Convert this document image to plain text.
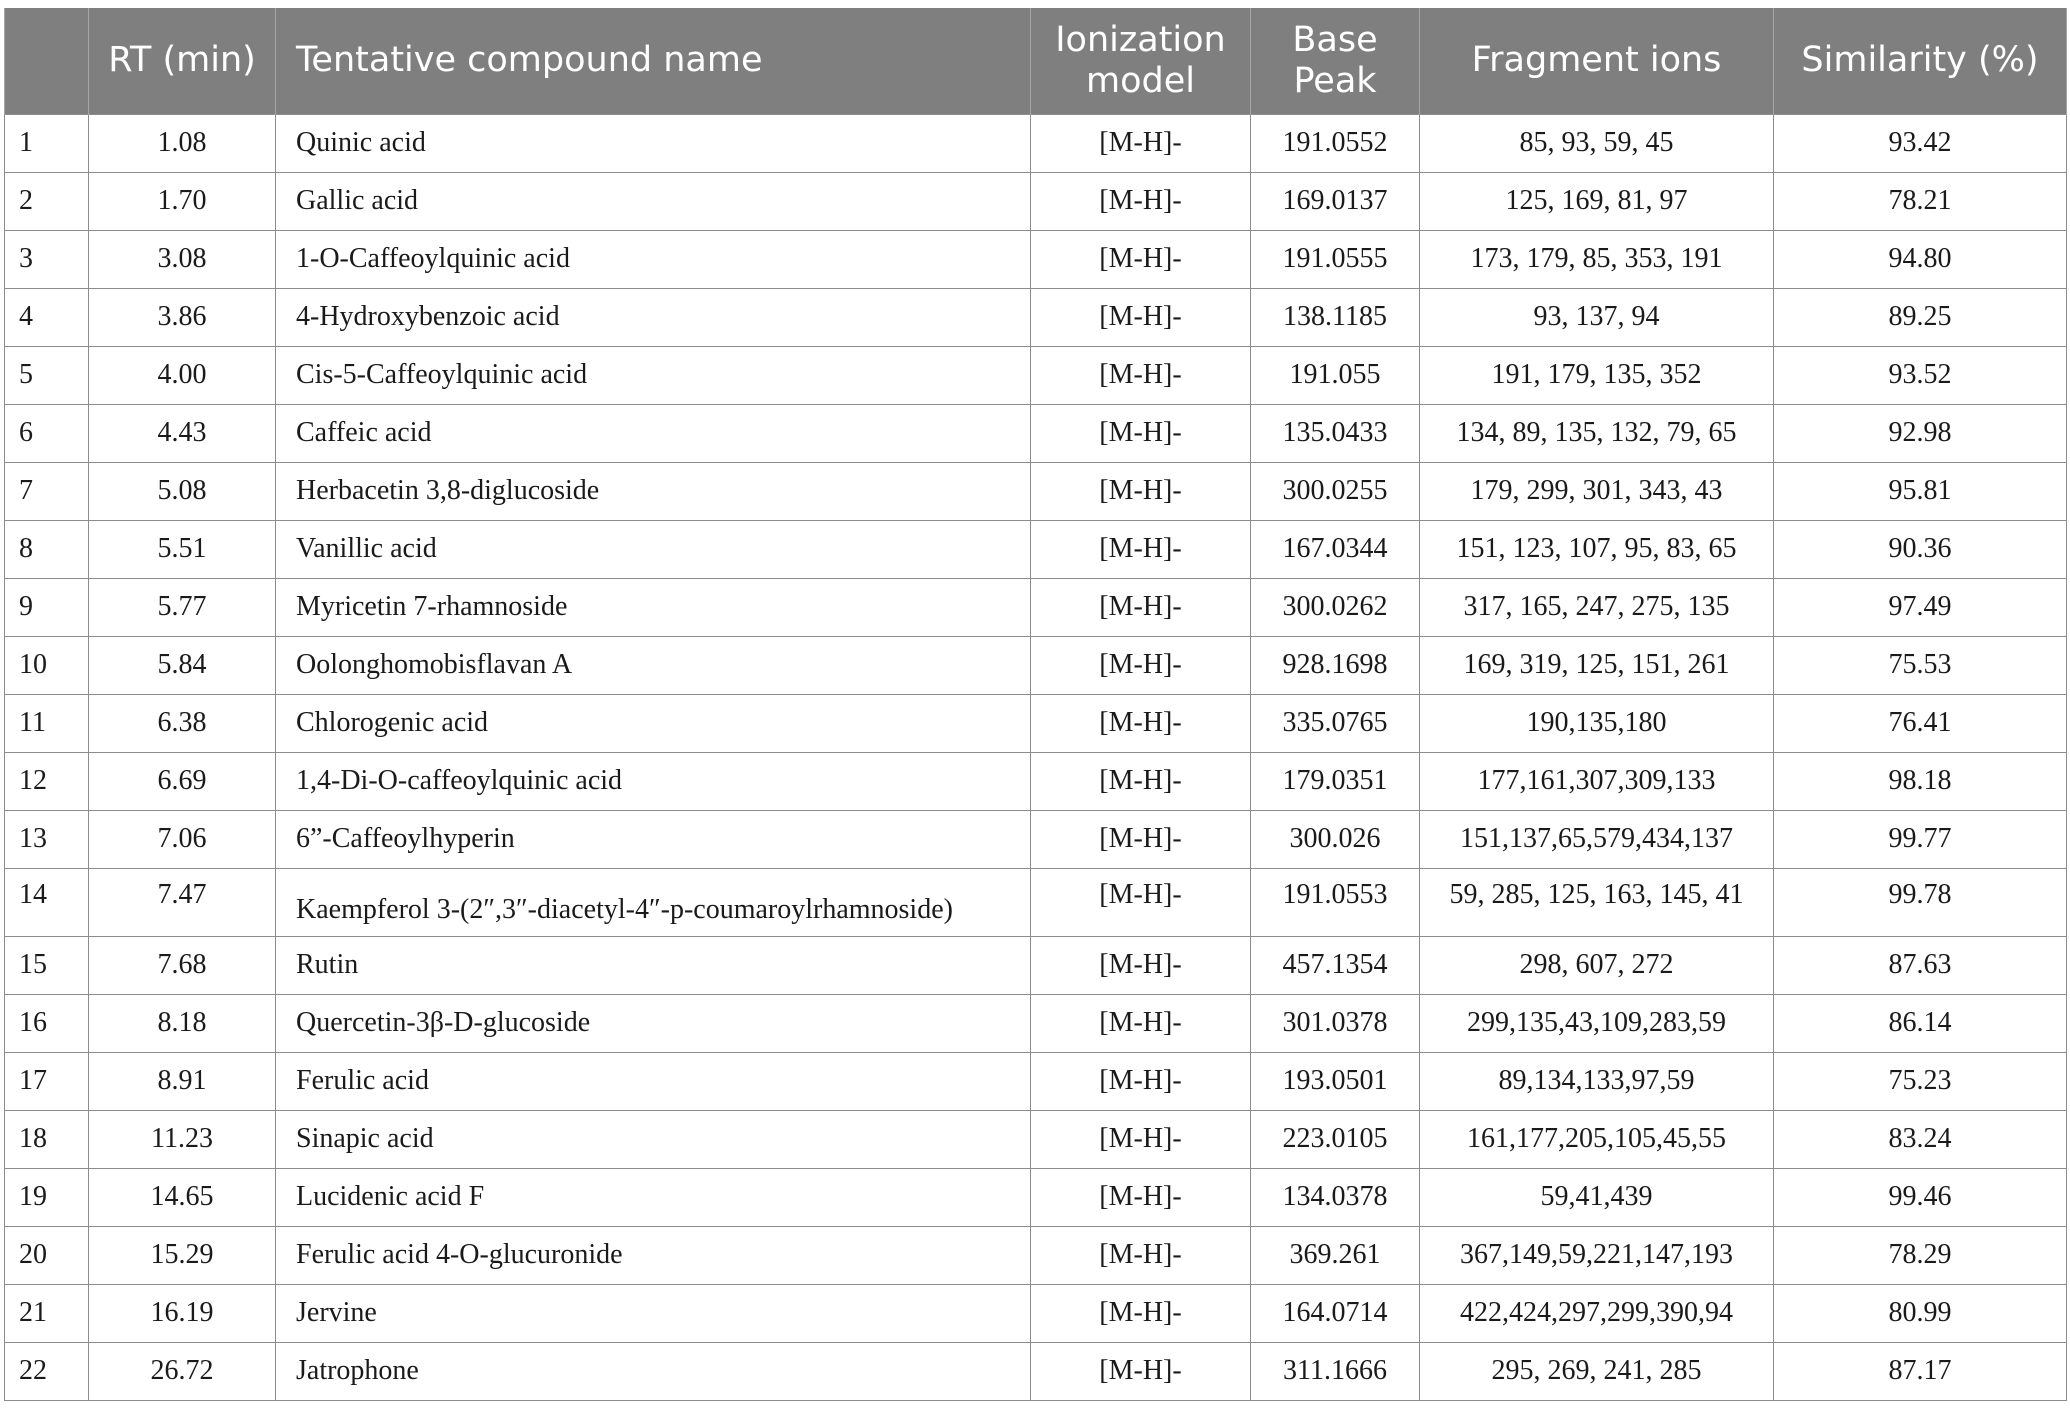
	RT (min)	Tentative compound name	Ionization model	Base Peak	Fragment ions	Similarity (%)
1	1.08	Quinic acid	[M-H]-	191.0552	85, 93, 59, 45	93.42
2	1.70	Gallic acid	[M-H]-	169.0137	125, 169, 81, 97	78.21
3	3.08	1-O-Caffeoylquinic acid	[M-H]-	191.0555	173, 179, 85, 353, 191	94.80
4	3.86	4-Hydroxybenzoic acid	[M-H]-	138.1185	93, 137, 94	89.25
5	4.00	Cis-5-Caffeoylquinic acid	[M-H]-	191.055	191, 179, 135, 352	93.52
6	4.43	Caffeic acid	[M-H]-	135.0433	134, 89, 135, 132, 79, 65	92.98
7	5.08	Herbacetin 3,8-diglucoside	[M-H]-	300.0255	179, 299, 301, 343, 43	95.81
8	5.51	Vanillic acid	[M-H]-	167.0344	151, 123, 107, 95, 83, 65	90.36
9	5.77	Myricetin 7-rhamnoside	[M-H]-	300.0262	317, 165, 247, 275, 135	97.49
10	5.84	Oolonghomobisflavan A	[M-H]-	928.1698	169, 319, 125, 151, 261	75.53
11	6.38	Chlorogenic acid	[M-H]-	335.0765	190,135,180	76.41
12	6.69	1,4-Di-O-caffeoylquinic acid	[M-H]-	179.0351	177,161,307,309,133	98.18
13	7.06	6”-Caffeoylhyperin	[M-H]-	300.026	151,137,65,579,434,137	99.77
14	7.47	Kaempferol 3-(2″,3″-diacetyl-4″-p-coumaroylrhamnoside)	[M-H]-	191.0553	59, 285, 125, 163, 145, 41	99.78
15	7.68	Rutin	[M-H]-	457.1354	298, 607, 272	87.63
16	8.18	Quercetin-3β-D-glucoside	[M-H]-	301.0378	299,135,43,109,283,59	86.14
17	8.91	Ferulic acid	[M-H]-	193.0501	89,134,133,97,59	75.23
18	11.23	Sinapic acid	[M-H]-	223.0105	161,177,205,105,45,55	83.24
19	14.65	Lucidenic acid F	[M-H]-	134.0378	59,41,439	99.46
20	15.29	Ferulic acid 4-O-glucuronide	[M-H]-	369.261	367,149,59,221,147,193	78.29
21	16.19	Jervine	[M-H]-	164.0714	422,424,297,299,390,94	80.99
22	26.72	Jatrophone	[M-H]-	311.1666	295, 269, 241, 285	87.17
